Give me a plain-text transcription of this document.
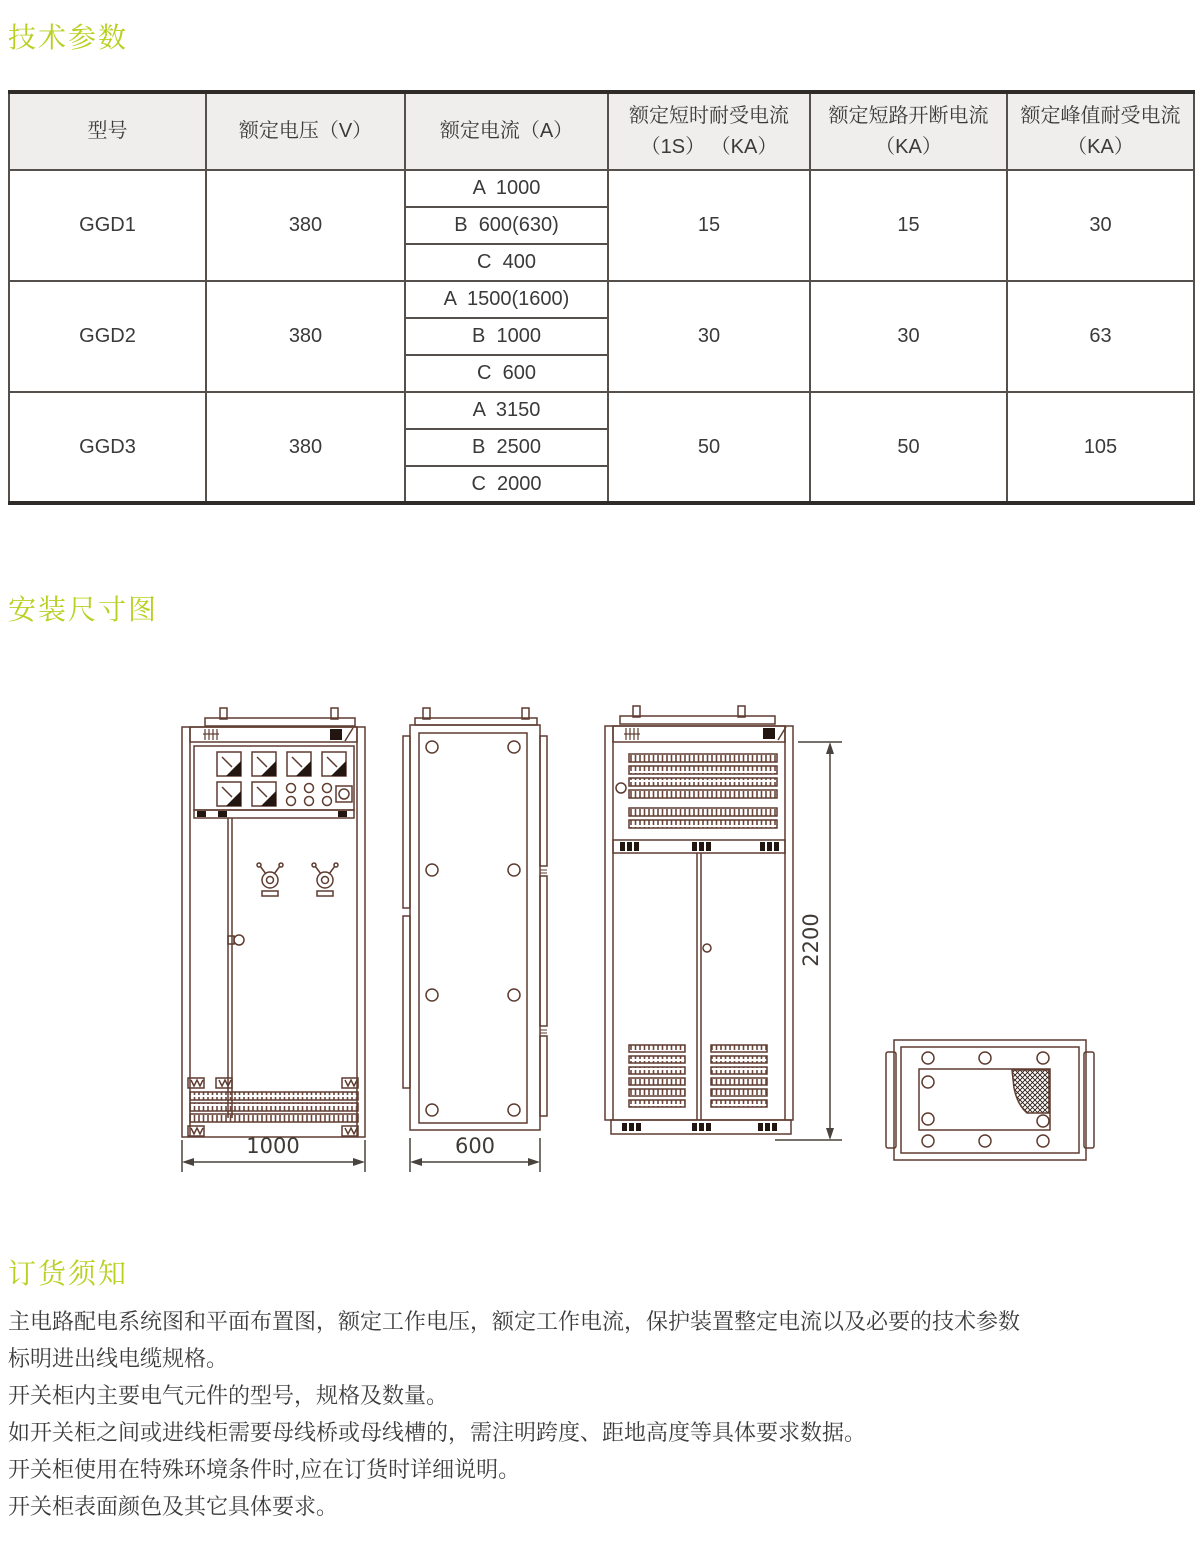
技术参数
型号	额定电压（V）	额定电流（A）	额定短时耐受电流（1S） （KA）	额定短路开断电流（KA）	额定峰值耐受电流（KA）
GGD1	380	A  1000	15	15	30
		B  600(630)			
		C  400			
GGD2	380	A  1500(1600)	30	30	63
		B  1000			
		C  600			
GGD3	380	A  3150	50	50	105
		B  2500			
		C  2000			
安装尺寸图
1000	600
2200
订货须知
主电路配电系统图和平面布置图，额定工作电压，额定工作电流，保护装置整定电流以及必要的技术参数
标明进出线电缆规格。
开关柜内主要电气元件的型号，规格及数量。
如开关柜之间或进线柜需要母线桥或母线槽的，需注明跨度、距地高度等具体要求数据。
开关柜使用在特殊环境条件时,应在订货时详细说明。
开关柜表面颜色及其它具体要求。
